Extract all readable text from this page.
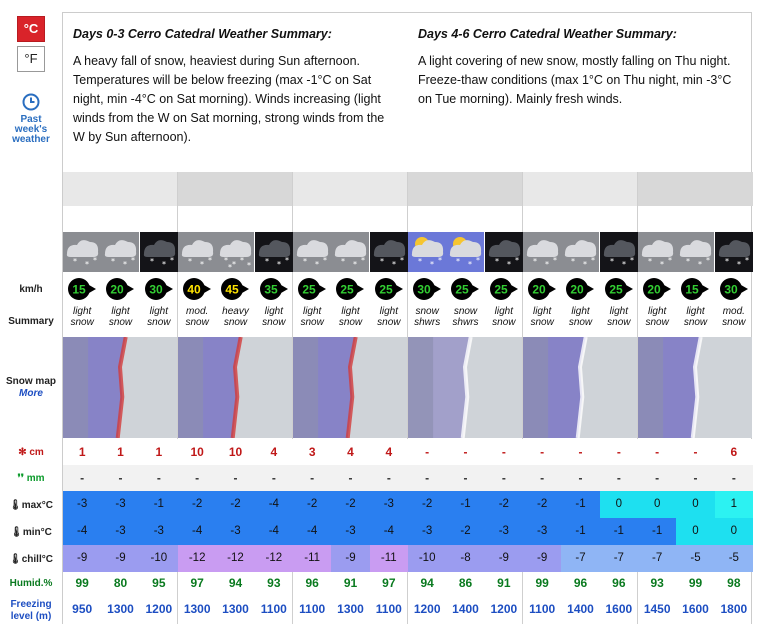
°C
°F
Past
week's
weather
km/h
Summary
Snow map
More
✻ cm
❜❜ mm
🌡max°C
🌡min°C
🌡chill°C
Humid.%
Freezing
level (m)
Days 0-3 Cerro Catedral Weather Summary:

A heavy fall of snow, heaviest during Sun afternoon. Temperatures will be below freezing (max -1°C on Sat night, min -4°C on Sat morning). Winds increasing (light winds from the W on Sat morning, strong winds from the W by Sun afternoon).

Days 4-6 Cerro Catedral Weather Summary:

A light covering of new snow, mostly falling on Thu night. Freeze-thaw conditions (max 1°C on Thu night, min -3°C on Tue morning). Mainly fresh winds.

* * *
15
light
snow
1
-
-3
-4
-9
99
950
* * *
20
light
snow
1
-
-3
-3
-9
80
1300
* * *
30
light
snow
1
-
-1
-3
-10
95
1200
* * *
40
mod.
snow
10
-
-2
-4
-12
97
1300
* * *
*
*
45
heavy
snow
10
-
-2
-3
-12
94
1300
* * *
35
light
snow
4
-
-4
-4
-12
93
1100
* * *
25
light
snow
3
-
-2
-4
-11
96
1100
* * *
25
light
snow
4
-
-2
-3
-9
91
1300
* * *
25
light
snow
4
-
-3
-4
-11
97
1100
* * *
30
snow
shwrs
-
-
-2
-3
-10
94
1200
* * *
25
snow
shwrs
-
-
-1
-2
-8
86
1400
* * *
25
light
snow
-
-
-2
-3
-9
91
1200
* * *
20
light
snow
-
-
-2
-3
-9
99
1100
* * *
20
light
snow
-
-
-1
-1
-7
96
1400
* * *
25
light
snow
-
-
0
-1
-7
96
1600
* * *
20
light
snow
-
-
0
-1
-7
93
1450
* * *
15
light
snow
-
-
0
0
-5
99
1600
* * *
30
mod.
snow
6
-
1
0
-5
98
1800
